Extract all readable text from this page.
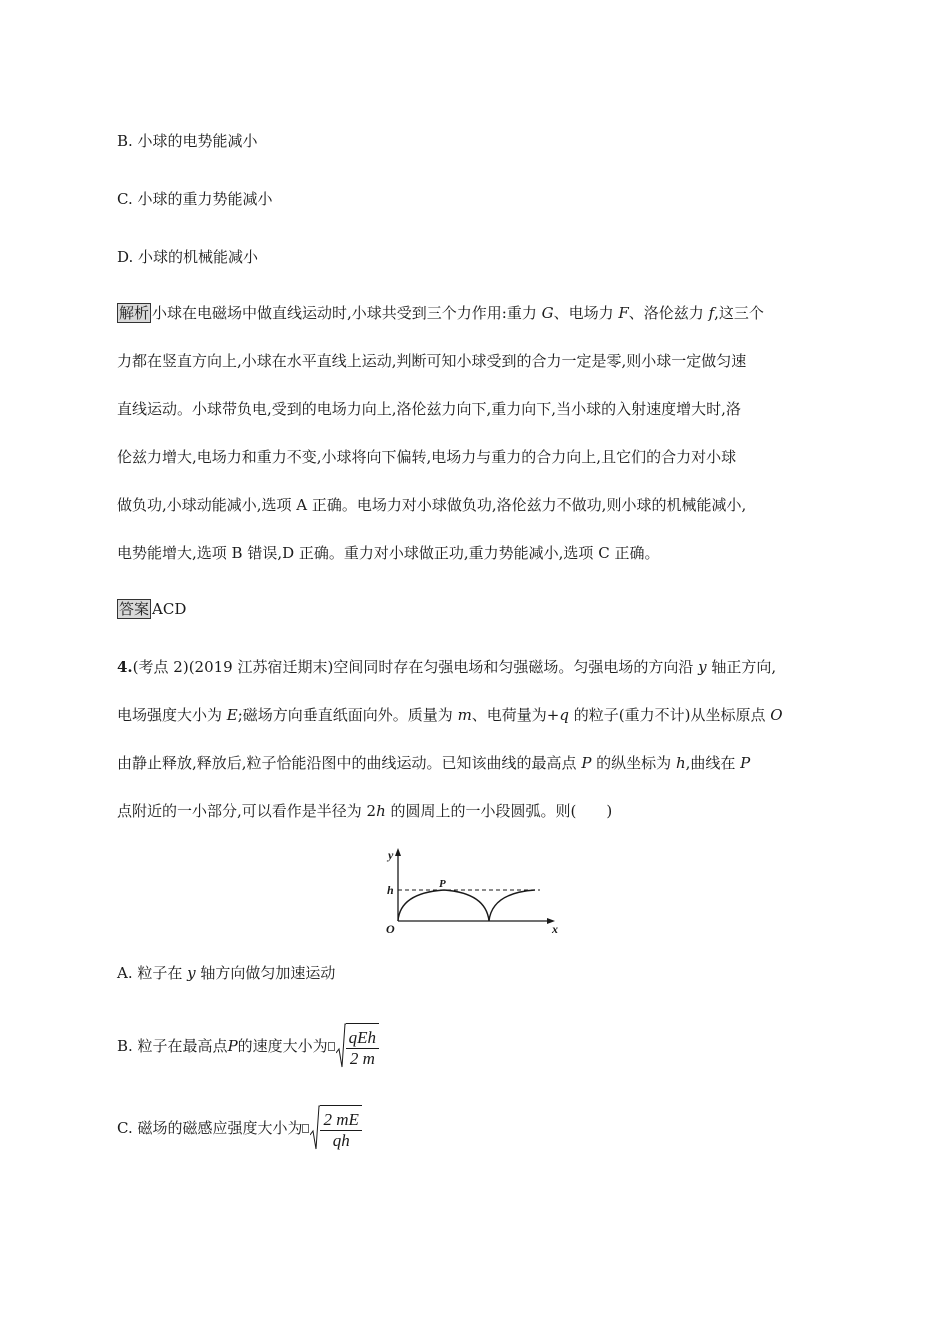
B. 小球的电势能减小
C. 小球的重力势能减小
D. 小球的机械能减小
解析 小球在电磁场中做直线运动时,小球共受到三个力作用:重力 G、电场力 F、洛伦兹力 f,这三个
力都在竖直方向上,小球在水平直线上运动,判断可知小球受到的合力一定是零,则小球一定做匀速
直线运动。小球带负电,受到的电场力向上,洛伦兹力向下,重力向下,当小球的入射速度增大时,洛
伦兹力增大,电场力和重力不变,小球将向下偏转,电场力与重力的合力向上,且它们的合力对小球
做负功,小球动能减小,选项 A 正确。电场力对小球做负功,洛伦兹力不做功,则小球的机械能减小,
电势能增大,选项 B 错误,D 正确。重力对小球做正功,重力势能减小,选项 C 正确。
答案 ACD
4.(考点 2)(2019 江苏宿迁期末)空间同时存在匀强电场和匀强磁场。匀强电场的方向沿 y 轴正方向,
电场强度大小为 E;磁场方向垂直纸面向外。质量为 m、电荷量为+q 的粒子(重力不计)从坐标原点 O
由静止释放,释放后,粒子恰能沿图中的曲线运动。已知该曲线的最高点 P 的纵坐标为 h,曲线在 P
点附近的一小部分,可以看作是半径为 2h 的圆周上的一小段圆弧。则(　　)
y
h
O	x
P
A. 粒子在 y 轴方向做匀加速运动
B. 粒子在最高点 P 的速度大小为 $\frac{\text{qEh}}{2 m}$
C. 磁场的磁感应强度大小为 $\frac{2 mE}{qh}$
